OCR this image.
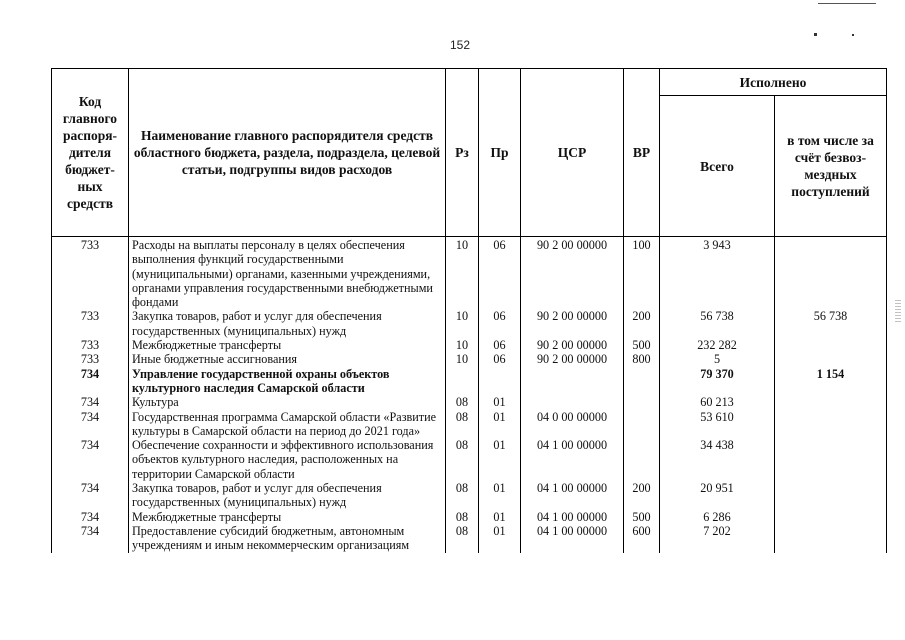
152
Код главного распоря-дителя бюджет-ных средств	Наименование главного распорядителя средств областного бюджета, раздела, подраздела, целевой статьи, подгруппы видов расходов	Рз	Пр	ЦСР	ВР	Исполнено	
						Всего	в том числе за счёт безвоз-мездных поступлений
733	Расходы на выплаты персоналу в целях обеспечения выполнения функций государственными (муниципальными) органами, казенными учреждениями, органами управления государственными внебюджетными фондами	10	06	90 2 00 00000	100	3 943	
733	Закупка товаров, работ и услуг для обеспечения государственных (муниципальных) нужд	10	06	90 2 00 00000	200	56 738	56 738
733	Межбюджетные трансферты	10	06	90 2 00 00000	500	232 282	
733	Иные бюджетные ассигнования	10	06	90 2 00 00000	800	5	
734	Управление государственной охраны объектов культурного наследия Самарской области					79 370	1 154
734	Культура	08	01			60 213	
734	Государственная программа Самарской области «Развитие культуры в Самарской области на период до 2021 года»	08	01	04 0 00 00000		53 610	
734	Обеспечение сохранности и эффективного использования объектов культурного наследия, расположенных на территории Самарской области	08	01	04 1 00 00000		34 438	
734	Закупка товаров, работ и услуг для обеспечения государственных (муниципальных) нужд	08	01	04 1 00 00000	200	20 951	
734	Межбюджетные трансферты	08	01	04 1 00 00000	500	6 286	
734	Предоставление субсидий бюджетным, автономным учреждениям и иным некоммерческим организациям	08	01	04 1 00 00000	600	7 202	
